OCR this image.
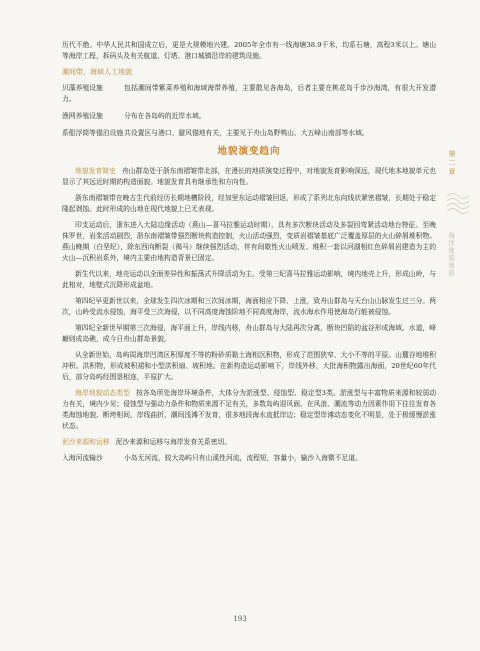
历代不绝。中华人民共和国成立后，更是大规模地兴建。2005年全市有一线海塘38.9千米，均系石塘，高程3米以上。塘山等海岸工程，拆码头及有关航道、灯塔、港口城镇沿岸的建筑设施。

潮间带、海域人工地貌

贝藻养殖设施	包括潮间带紫菜养殖和海域海带养殖，主要散见各海岛，后者主要在桃花岛千步沙海湾，有很大开发潜力。

渔网养殖设施	分布在各岛屿的近岸水域。

系船浮筒等锚泊设施共设置区与港口、避风锚地有关，主要见于舟山岛野鸭山、大五峰山南部等水域。

地貌演变趋向

地貌发育简史 舟山群岛处于浙东南褶皱带北部，在漫长的地质演变过程中，对地貌发育影响深远，现代地本地貌单元也显示了其远近时期的构造面貌。地貌发育具有继承性和方向性。

浙东南褶皱带在晚古生代前经历长期地槽阶段，经加里东运动褶皱回返，形成了系列北东向线状紧密褶皱，长期处于稳定隆起剥蚀。此时形成的山地在现代地貌上已无表现。

印支运动后，浙东进入大陆边缘活动（燕山—喜马拉雅运动时期），具有多次断块活动及多裂回弯紧活动地台特征。至晚侏罗世，岩浆活动剧烈，浙东南褶皱带强烈断块构造控制，火山活动强烈，变质岩褶皱基底广泛覆盖厚层的火山碎屑堆积物。燕山晚期（白垩纪），除东西向断裂（褐马）继续强烈活动，伴有间歇性火山喷发、堆积一套以河湖相红色碎屑岩建造为主的火山—沉积岩系外，境内主要由地构造背景已固定。

新生代以来，地壳运动以全面差异性和振荡式升降活动为主。受第三纪喜马拉雅运动影响，境内地壳上升，形成山岭，与此相对，地壁式沉降形成盆地。

第四纪早更新世以来，全球发生四次冰期和三次间冰期，海面相应下降、上涨，致舟山群岛与天台山山脉发生过三分。两次，山岭受流水侵蚀，海平受三次海侵，以不同高度海蚀阶地不同高度海岸，流水海水作用使海岛行能被侵蚀。

第四纪全新世早期第三次海侵，海平面上升，岸线内移，舟山群岛与大陆再次分离，断块凹陷的盆谷形成海域、水道，峰巅则成岛礁，成今日舟山群岛景貌。

从全新世始，岛屿周海岸凹湾区积厚度不等的粉砂质黏土海相沉积物，形成了范围狭窄、大小不等的平原。山麓谷地堆积冲积、洪积物，形成坡积裙和小型洪积扇、坡积地。在新构造运动影响下，岸线外移，大批海积物露出海面，20世纪60年代后，部分岛屿经围垦相连，平原扩大。

海岸地貌动态类型 按各岛所处海岸环境条件，大体分为淤涨型、侵蚀型、稳定型3类。淤涨型与丰富物质来源和较弱动力有关，境内少见；侵蚀型与强动力条件和物质来源不足有关，多数岛屿迎风面、在风浪、潮流等动力因素作用下往往发育各类海蚀地貌、断垮相间，岸线曲折，潮间浅滩不发育，很多地段海水直抵岸边；稳定型岸滩动态变化不明显，处于极缓慢淤涨状态。

泥沙来源和运移 泥沙来源和运移与海岸发育关系密切。

入海河流输沙	小岛无河流，较大岛屿只有山溪性河流，流程短，容量小，输沙入海微不足道。

第二章
海洋地貌地质
193
